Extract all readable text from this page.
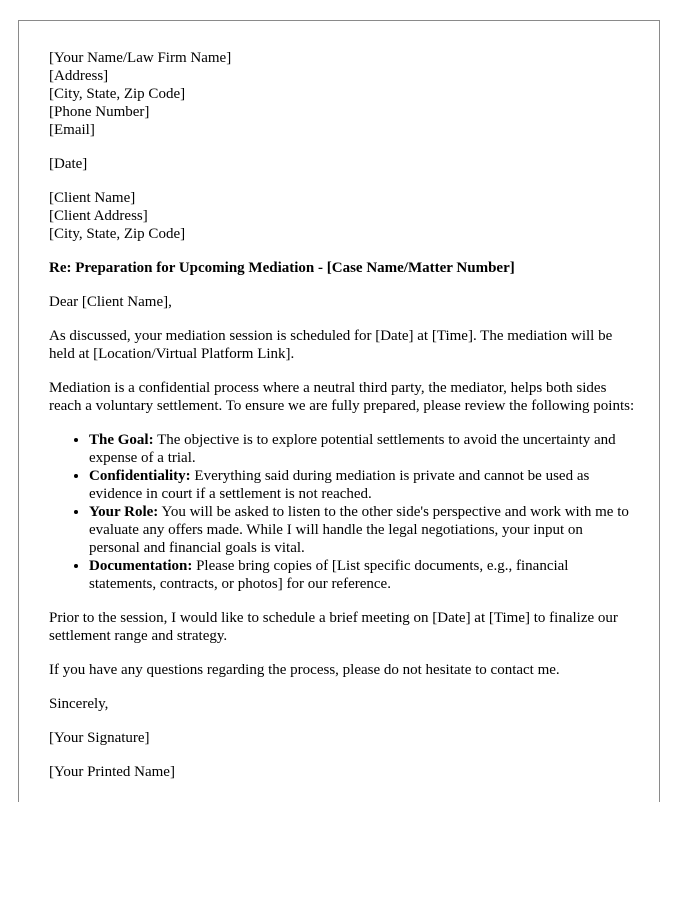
[Your Name/Law Firm Name]
[Address]
[City, State, Zip Code]
[Phone Number]
[Email]
[Date]
[Client Name]
[Client Address]
[City, State, Zip Code]
Re: Preparation for Upcoming Mediation - [Case Name/Matter Number]

Dear [Client Name],

As discussed, your mediation session is scheduled for [Date] at [Time]. The mediation will be held at [Location/Virtual Platform Link].

Mediation is a confidential process where a neutral third party, the mediator, helps both sides reach a voluntary settlement. To ensure we are fully prepared, please review the following points:

• The Goal: The objective is to explore potential settlements to avoid the uncertainty and expense of a trial.
• Confidentiality: Everything said during mediation is private and cannot be used as evidence in court if a settlement is not reached.
• Your Role: You will be asked to listen to the other side's perspective and work with me to evaluate any offers made. While I will handle the legal negotiations, your input on personal and financial goals is vital.
• Documentation: Please bring copies of [List specific documents, e.g., financial statements, contracts, or photos] for our reference.

Prior to the session, I would like to schedule a brief meeting on [Date] at [Time] to finalize our settlement range and strategy.

If you have any questions regarding the process, please do not hesitate to contact me.

Sincerely,

[Your Signature]

[Your Printed Name]
